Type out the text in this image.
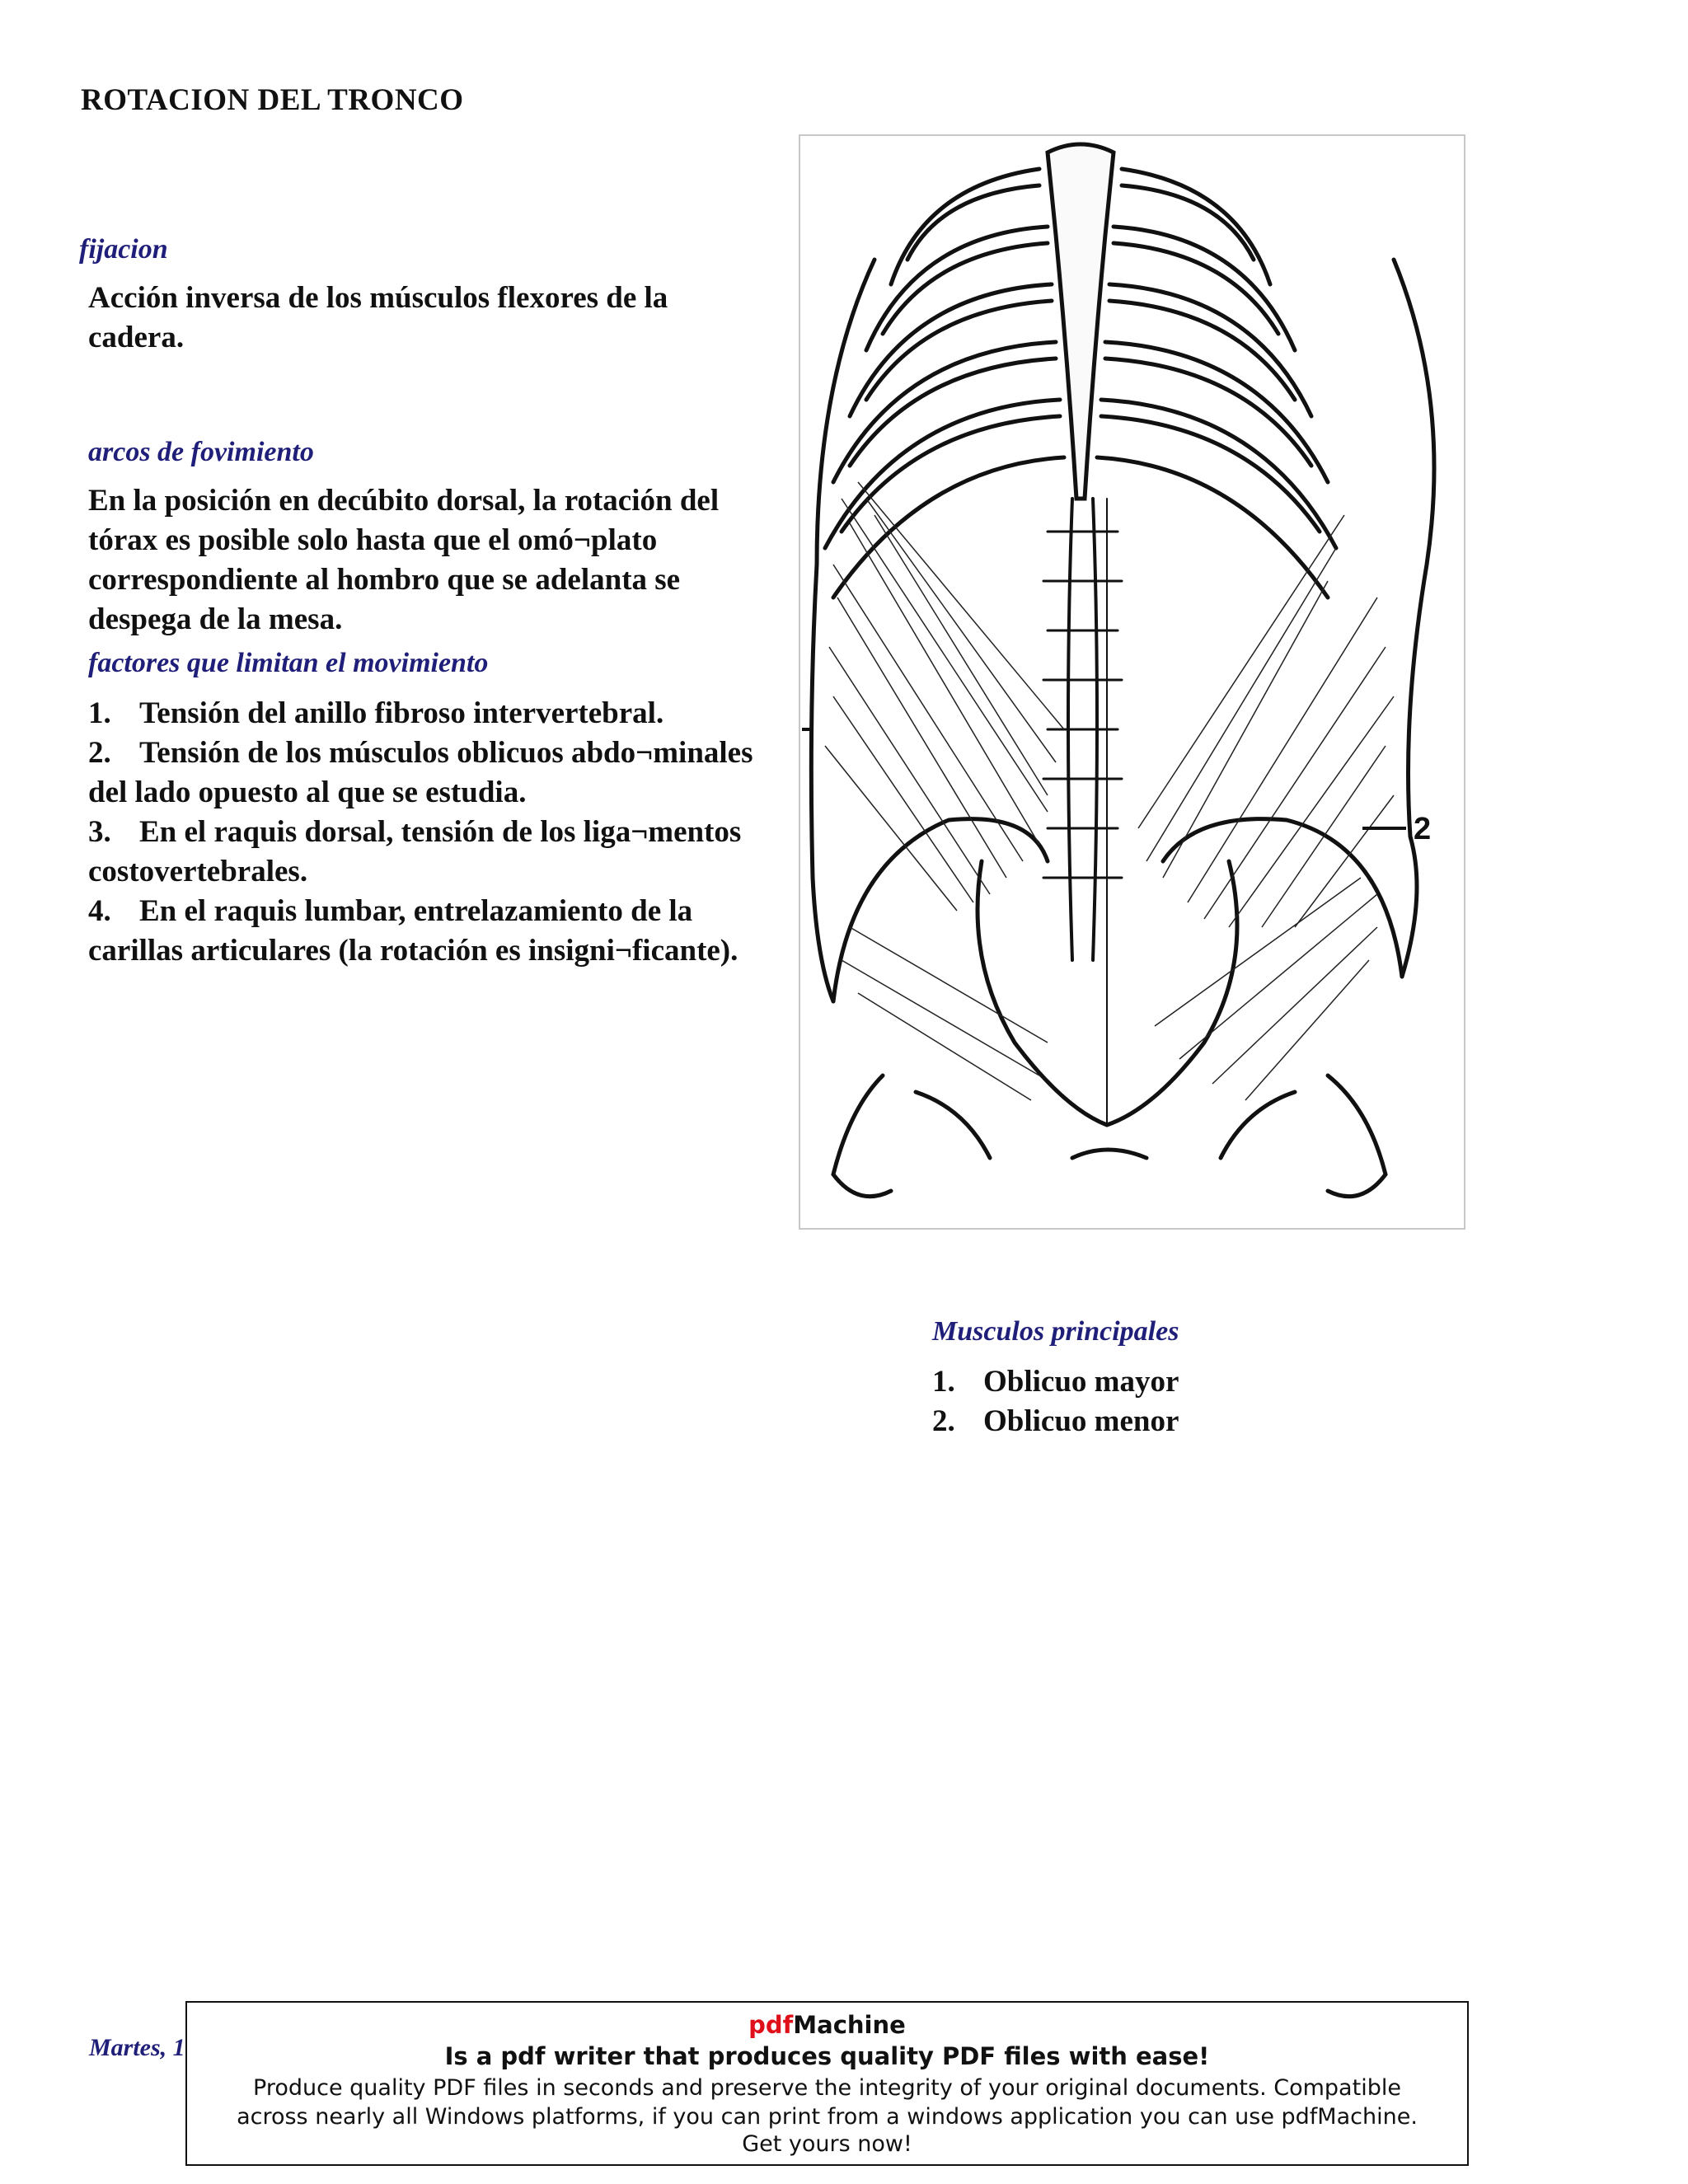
ROTACION DEL TRONCO
fijacion
Acción inversa de los músculos flexores de la cadera.
arcos de fovimiento
En la posición en decúbito dorsal, la rotación del tórax es posible solo hasta que el omó¬plato correspondiente al hombro que se adelanta se despega de la mesa.
factores que limitan el movimiento
1. Tensión del anillo fibroso intervertebral.
2. Tensión de los músculos oblicuos abdo¬minales del lado opuesto al que se estudia.
3. En el raquis dorsal, tensión de los liga¬mentos costovertebrales.
4. En el raquis lumbar, entrelazamiento de la carillas articulares (la rotación es insigni¬ficante).
2
Musculos principales
1. Oblicuo mayor
2. Oblicuo menor
Martes, 1
pdfMachine
Is a pdf writer that produces quality PDF files with ease!
Produce quality PDF files in seconds and preserve the integrity of your original documents. Compatible across nearly all Windows platforms, if you can print from a windows application you can use pdfMachine.
Get yours now!
